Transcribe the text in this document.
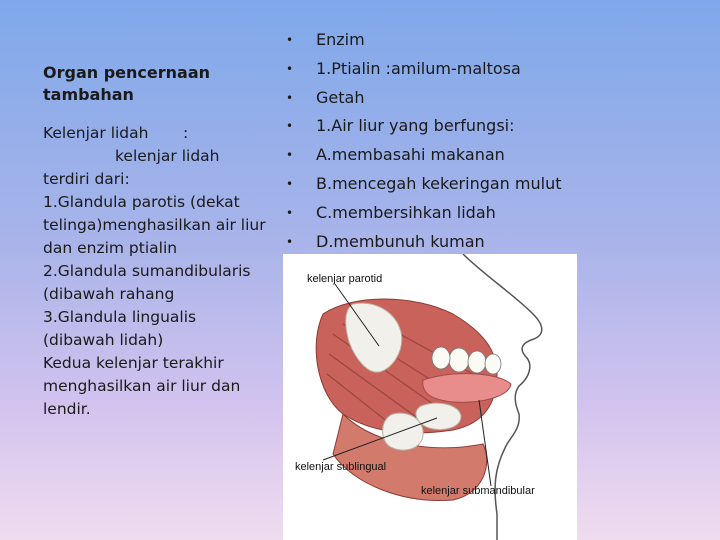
Organ pencernaan
tambahan

Kelenjar lidah       :

kelenjar lidah
terdiri dari:
1.Glandula parotis (dekat telinga)menghasilkan air liur dan enzim ptialin
2.Glandula sumandibularis (dibawah rahang
3.Glandula lingualis (dibawah lidah)
Kedua kelenjar terakhir menghasilkan air liur dan lendir.

•	Enzim
•	1.Ptialin :amilum-maltosa
•	Getah
•	1.Air liur yang berfungsi:
•	A.membasahi makanan
•	B.mencegah kekeringan mulut
•	C.membersihkan lidah
•	D.membunuh kuman
kelenjar parotid
kelenjar sublingual
kelenjar submandibular
